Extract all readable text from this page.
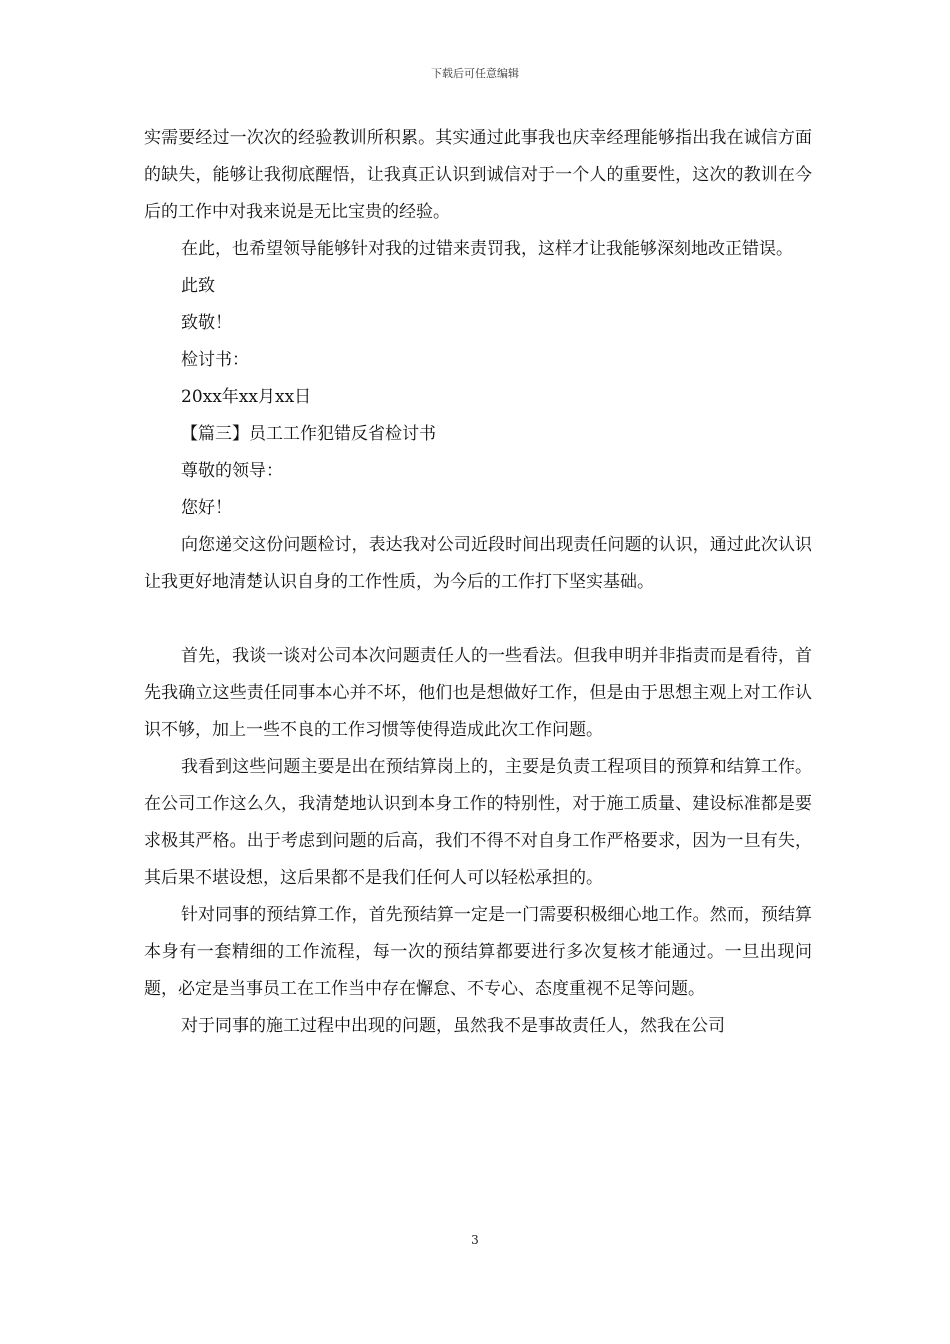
下载后可任意编辑

实需要经过一次次的经验教训所积累。其实通过此事我也庆幸经理能够指出我在诚信方面的缺失，能够让我彻底醒悟，让我真正认识到诚信对于一个人的重要性，这次的教训在今后的工作中对我来说是无比宝贵的经验。

在此，也希望领导能够针对我的过错来责罚我，这样才让我能够深刻地改正错误。

此致

致敬！

检讨书：

20xx年xx月xx日

【篇三】员工工作犯错反省检讨书

尊敬的领导：

您好！

向您递交这份问题检讨，表达我对公司近段时间出现责任问题的认识，通过此次认识让我更好地清楚认识自身的工作性质，为今后的工作打下坚实基础。

首先，我谈一谈对公司本次问题责任人的一些看法。但我申明并非指责而是看待，首先我确立这些责任同事本心并不坏，他们也是想做好工作，但是由于思想主观上对工作认识不够，加上一些不良的工作习惯等使得造成此次工作问题。

我看到这些问题主要是出在预结算岗上的，主要是负责工程项目的预算和结算工作。在公司工作这么久，我清楚地认识到本身工作的特别性，对于施工质量、建设标准都是要求极其严格。出于考虑到问题的后高，我们不得不对自身工作严格要求，因为一旦有失，其后果不堪设想，这后果都不是我们任何人可以轻松承担的。

针对同事的预结算工作，首先预结算一定是一门需要积极细心地工作。然而，预结算本身有一套精细的工作流程，每一次的预结算都要进行多次复核才能通过。一旦出现问题，必定是当事员工在工作当中存在懈怠、不专心、态度重视不足等问题。

对于同事的施工过程中出现的问题，虽然我不是事故责任人，然我在公司

3
